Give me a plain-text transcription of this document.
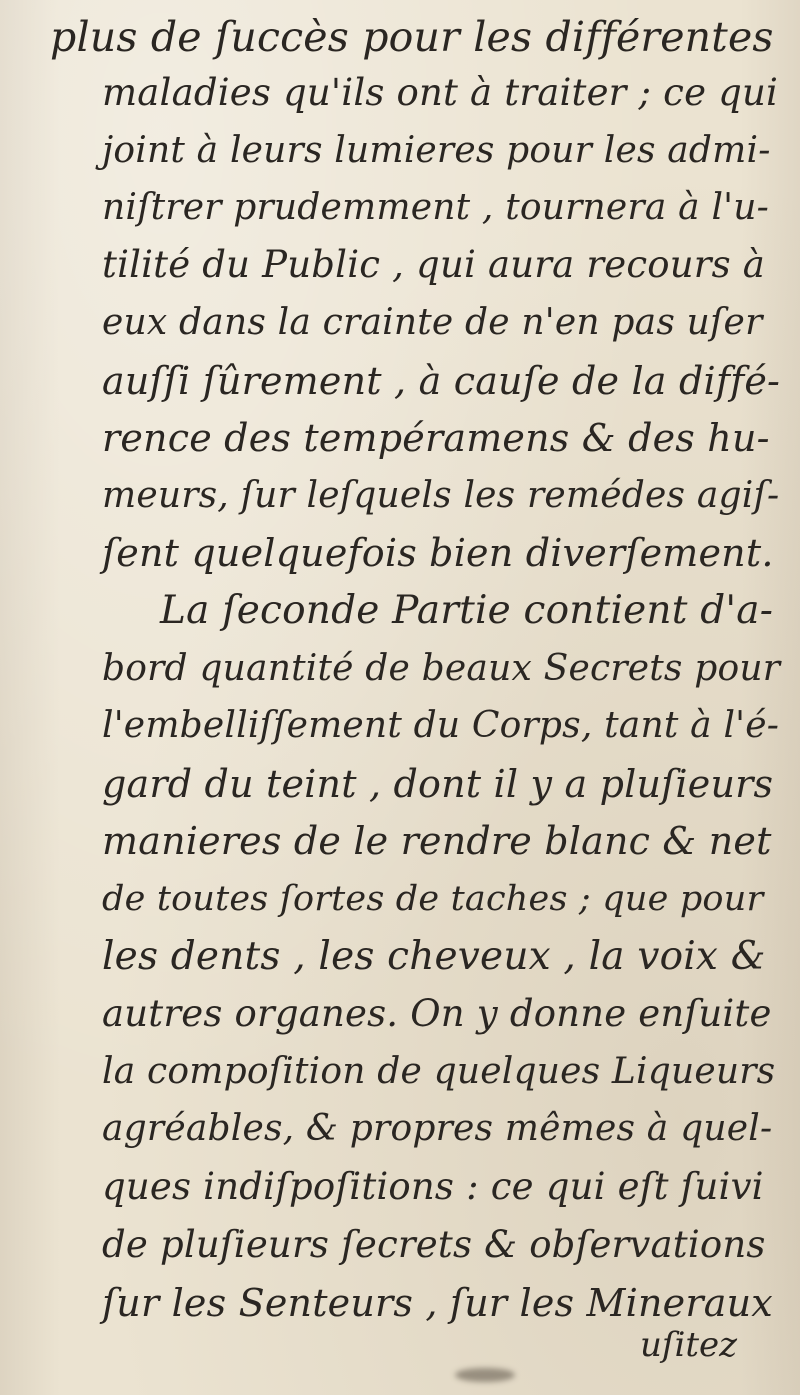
plus de ſuccès pour les différentes
maladies qu'ils ont à traiter ; ce qui
joint à leurs lumieres pour les admi-
niſtrer prudemment , tournera à l'u-
tilité du Public , qui aura recours à
eux dans la crainte de n'en pas uſer
auſſi ſûrement , à cauſe de la diffé-
rence des tempéramens & des hu-
meurs, ſur leſquels les remédes agiſ-
ſent quelquefois bien diverſement.
La ſeconde Partie contient d'a-
bord quantité de beaux Secrets pour
l'embelliſſement du Corps, tant à l'é-
gard du teint , dont il y a pluſieurs
manieres de le rendre blanc & net
de toutes ſortes de taches ; que pour
les dents , les cheveux , la voix &
autres organes. On y donne enſuite
la compoſition de quelques Liqueurs
agréables, & propres mêmes à quel-
ques indiſpoſitions : ce qui eſt ſuivi
de pluſieurs ſecrets & obſervations
ſur les Senteurs , ſur les Mineraux
uſitez
